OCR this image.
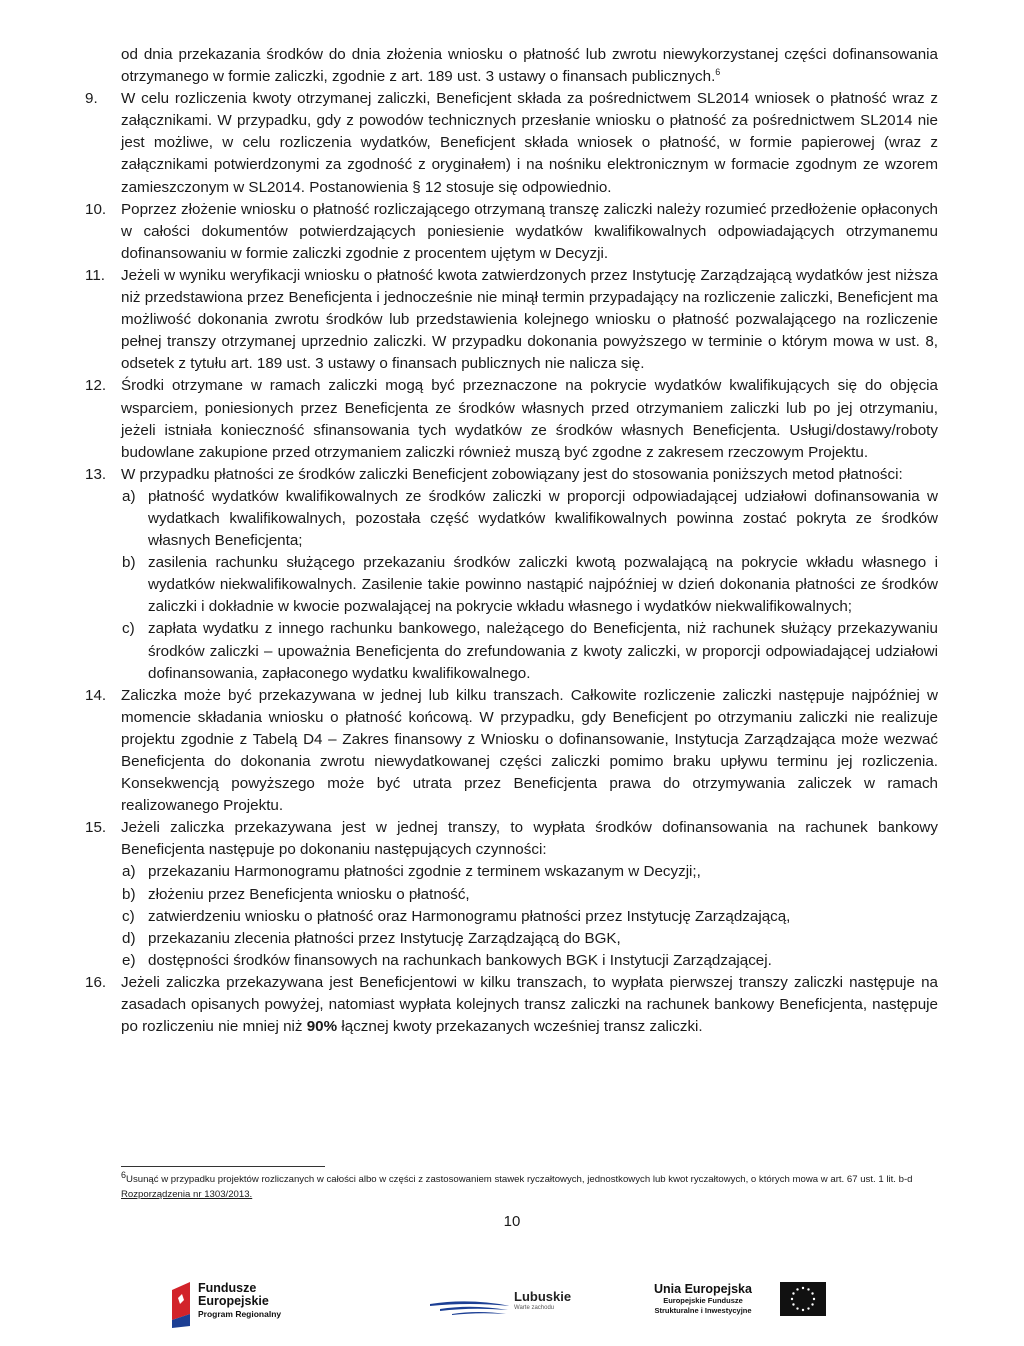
od dnia przekazania środków do dnia złożenia wniosku o płatność lub zwrotu niewykorzystanej części dofinansowania otrzymanego w formie zaliczki, zgodnie z art. 189 ust. 3 ustawy o finansach publicznych.$^6$

9.	W celu rozliczenia kwoty otrzymanej zaliczki, Beneficjent składa za pośrednictwem SL2014 wniosek o płatność wraz z załącznikami. W przypadku, gdy z powodów technicznych przesłanie wniosku o płatność za pośrednictwem SL2014 nie jest możliwe, w celu rozliczenia wydatków, Beneficjent składa wniosek o płatność, w formie papierowej (wraz z załącznikami potwierdzonymi za zgodność z oryginałem) i na nośniku elektronicznym w formacie zgodnym ze wzorem zamieszczonym w SL2014. Postanowienia § 12 stosuje się odpowiednio.

10. Poprzez złożenie wniosku o płatność rozliczającego otrzymaną transzę zaliczki należy rozumieć przedłożenie opłaconych w całości dokumentów potwierdzających poniesienie wydatków kwalifikowalnych odpowiadających otrzymanemu dofinansowaniu w formie zaliczki zgodnie z procentem ujętym w Decyzji.

11.	Jeżeli w wyniku weryfikacji wniosku o płatność kwota zatwierdzonych przez Instytucję Zarządzającą wydatków jest niższa niż przedstawiona przez Beneficjenta i jednocześnie nie minął termin przypadający na rozliczenie zaliczki, Beneficjent ma możliwość dokonania zwrotu środków lub przedstawienia kolejnego wniosku o płatność pozwalającego na rozliczenie pełnej transzy otrzymanej uprzednio zaliczki. W przypadku dokonania powyższego w terminie o którym mowa w ust. 8, odsetek z tytułu art. 189 ust. 3 ustawy o finansach publicznych nie nalicza się.

12. Środki otrzymane w ramach zaliczki mogą być przeznaczone na pokrycie wydatków kwalifikujących się do objęcia wsparciem, poniesionych przez Beneficjenta ze środków własnych przed otrzymaniem zaliczki lub po jej otrzymaniu, jeżeli istniała konieczność sfinansowania tych wydatków ze środków własnych Beneficjenta. Usługi/dostawy/roboty budowlane zakupione przed otrzymaniem zaliczki również muszą być zgodne z zakresem rzeczowym Projektu.

13. W przypadku płatności ze środków zaliczki Beneficjent zobowiązany jest do stosowania poniższych metod płatności:

a) płatność wydatków kwalifikowalnych ze środków zaliczki w proporcji odpowiadającej udziałowi dofinansowania w wydatkach kwalifikowalnych, pozostała część wydatków kwalifikowalnych powinna zostać pokryta ze środków własnych Beneficjenta;

b) zasilenia rachunku służącego przekazaniu środków zaliczki kwotą pozwalającą na pokrycie wkładu własnego i wydatków niekwalifikowalnych. Zasilenie takie powinno nastąpić najpóźniej w dzień dokonania płatności ze środków zaliczki i dokładnie w kwocie pozwalającej na pokrycie wkładu własnego i wydatków niekwalifikowalnych;

c) zapłata wydatku z innego rachunku bankowego, należącego do Beneficjenta, niż rachunek służący przekazywaniu środków zaliczki – upoważnia Beneficjenta do zrefundowania z kwoty zaliczki, w proporcji odpowiadającej udziałowi dofinansowania, zapłaconego wydatku kwalifikowalnego.

14. Zaliczka może być przekazywana w jednej lub kilku transzach. Całkowite rozliczenie zaliczki następuje najpóźniej w momencie składania wniosku o płatność końcową. W przypadku, gdy Beneficjent po otrzymaniu zaliczki nie realizuje projektu zgodnie z Tabelą D4 – Zakres finansowy z Wniosku o dofinansowanie, Instytucja Zarządzająca może wezwać Beneficjenta do dokonania zwrotu niewydatkowanej części zaliczki pomimo braku upływu terminu jej rozliczenia. Konsekwencją powyższego może być utrata przez Beneficjenta prawa do otrzymywania zaliczek w ramach realizowanego Projektu.

15. Jeżeli zaliczka przekazywana jest w jednej transzy, to wypłata środków dofinansowania na rachunek bankowy Beneficjenta następuje po dokonaniu następujących czynności:

a) przekazaniu Harmonogramu płatności zgodnie z terminem wskazanym w Decyzji;,

b) złożeniu przez Beneficjenta wniosku o płatność,

c) zatwierdzeniu wniosku o płatność oraz Harmonogramu płatności przez Instytucję Zarządzającą,

d) przekazaniu zlecenia płatności przez Instytucję Zarządzającą do BGK,

e) dostępności środków finansowych na rachunkach bankowych BGK i Instytucji Zarządzającej.

16. Jeżeli zaliczka przekazywana jest Beneficjentowi w kilku transzach, to wypłata pierwszej transzy zaliczki następuje na zasadach opisanych powyżej, natomiast wypłata kolejnych transz zaliczki na rachunek bankowy Beneficjenta, następuje po rozliczeniu nie mniej niż 90% łącznej kwoty przekazanych wcześniej transz zaliczki.

$^6$Usunąć w przypadku projektów rozliczanych w całości albo w części z zastosowaniem stawek ryczałtowych, jednostkowych lub kwot ryczałtowych, o których mowa w art. 67 ust. 1 lit. b-d Rozporządzenia nr 1303/2013.
10
Fundusze
Europejskie
Program Regionalny
Lubuskie
Warte zachodu
Unia Europejska
Europejskie Fundusze
Strukturalne i Inwestycyjne
